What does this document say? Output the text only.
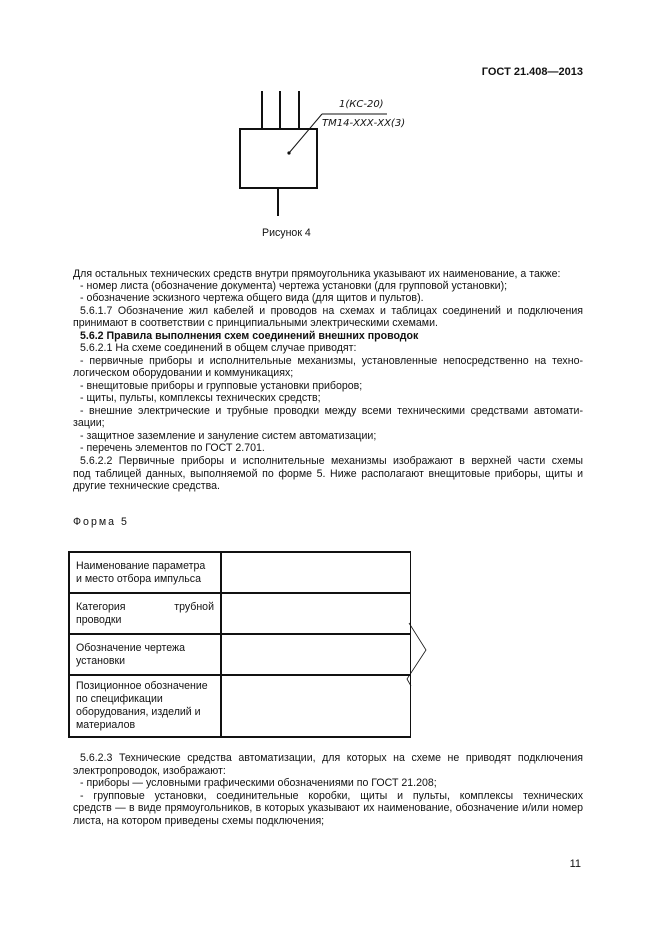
ГОСТ 21.408—2013
1(КС-20)
ТМ14-ХХХ-ХХ(3)
Рисунок 4
Для остальных технических средств внутри прямоугольника указывают их наименование, а также:
- номер листа (обозначение документа) чертежа установки (для групповой установки);
- обозначение эскизного чертежа общего вида (для щитов и пультов).
5.6.1.7 Обозначение жил кабелей и проводов на схемах и таблицах соединений и подключения
принимают в соответствии с принципиальными электрическими схемами.
5.6.2 Правила выполнения схем соединений внешних проводок
5.6.2.1 На схеме соединений в общем случае приводят:
- первичные приборы и исполнительные механизмы, установленные непосредственно на техно-
логическом оборудовании и коммуникациях;
- внещитовые приборы и групповые установки приборов;
- щиты, пульты, комплексы технических средств;
- внешние электрические и трубные проводки между всеми техническими средствами автомати-
зации;
- защитное заземление и зануление систем автоматизации;
- перечень элементов по ГОСТ 2.701.
5.6.2.2 Первичные приборы и исполнительные механизмы изображают в верхней части схемы
под таблицей данных, выполняемой по форме 5. Ниже располагают внещитовые приборы, щиты и
другие технические средства.
Форма 5
Наименование параметра и место отбора импульса	
Категория трубной проводки	
Обозначение чертежа установки	
Позиционное обозначение по спецификации оборудования, изделий и материалов	
5.6.2.3 Технические средства автоматизации, для которых на схеме не приводят подключения
электропроводок, изображают:
- приборы — условными графическими обозначениями по ГОСТ 21.208;
- групповые установки, соединительные коробки, щиты и пульты, комплексы технических
средств — в виде прямоугольников, в которых указывают их наименование, обозначение и/или номер
листа, на котором приведены схемы подключения;
11
